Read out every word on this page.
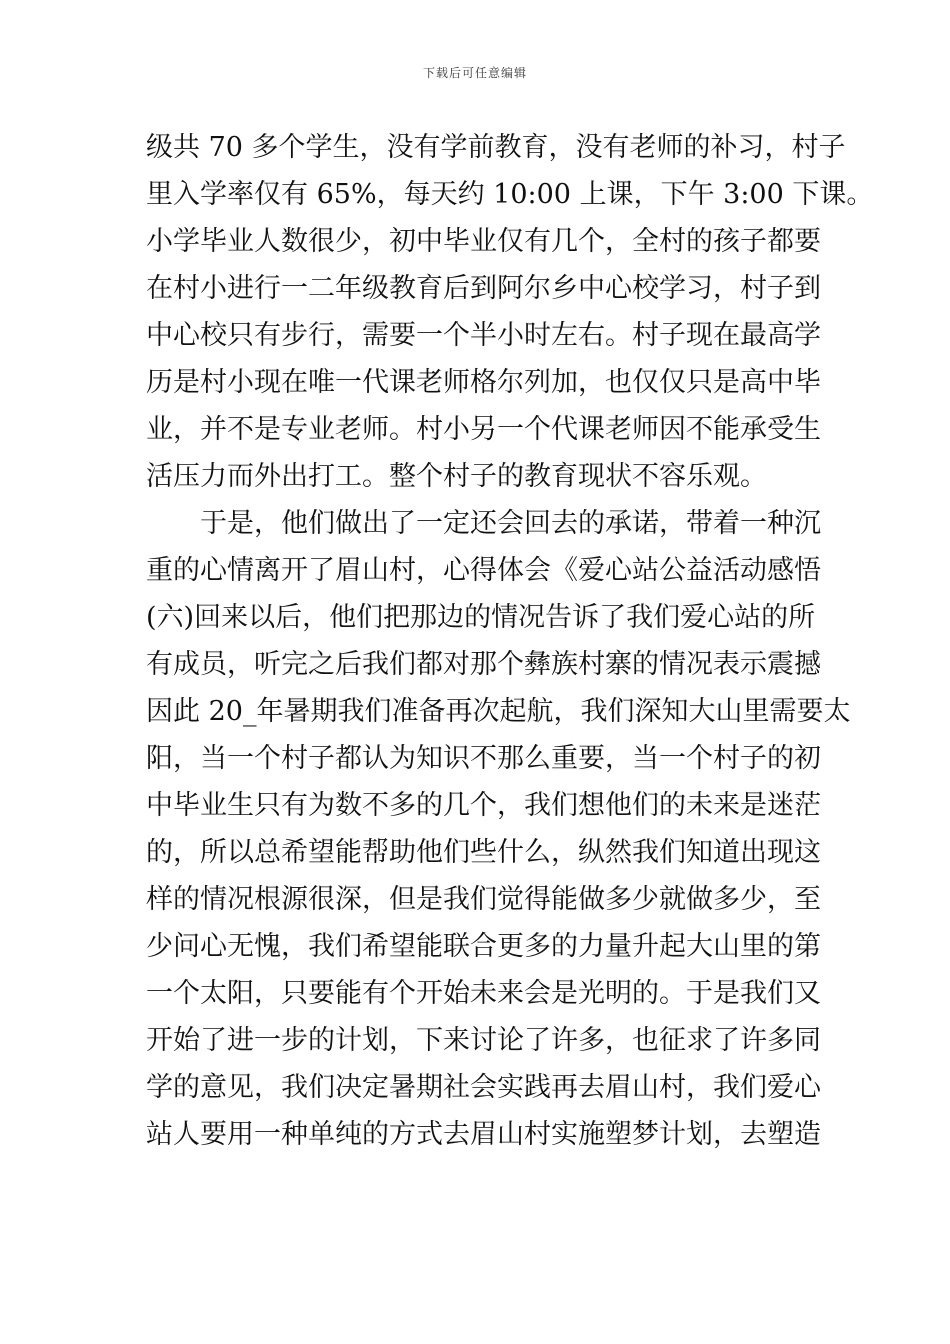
下载后可任意编辑
级共 70 多个学生，没有学前教育，没有老师的补习，村子
里入学率仅有 65%，每天约 10:00 上课，下午 3:00 下课。
小学毕业人数很少，初中毕业仅有几个，全村的孩子都要
在村小进行一二年级教育后到阿尔乡中心校学习，村子到
中心校只有步行，需要一个半小时左右。村子现在最高学
历是村小现在唯一代课老师格尔列加，也仅仅只是高中毕
业，并不是专业老师。村小另一个代课老师因不能承受生
活压力而外出打工。整个村子的教育现状不容乐观。
于是，他们做出了一定还会回去的承诺，带着一种沉
重的心情离开了眉山村，心得体会《爱心站公益活动感悟
(六)回来以后，他们把那边的情况告诉了我们爱心站的所
有成员，听完之后我们都对那个彝族村寨的情况表示震撼
因此 20_年暑期我们准备再次起航，我们深知大山里需要太
阳，当一个村子都认为知识不那么重要，当一个村子的初
中毕业生只有为数不多的几个，我们想他们的未来是迷茫
的，所以总希望能帮助他们些什么，纵然我们知道出现这
样的情况根源很深，但是我们觉得能做多少就做多少，至
少问心无愧，我们希望能联合更多的力量升起大山里的第
一个太阳，只要能有个开始未来会是光明的。于是我们又
开始了进一步的计划，下来讨论了许多，也征求了许多同
学的意见，我们决定暑期社会实践再去眉山村，我们爱心
站人要用一种单纯的方式去眉山村实施塑梦计划，去塑造
